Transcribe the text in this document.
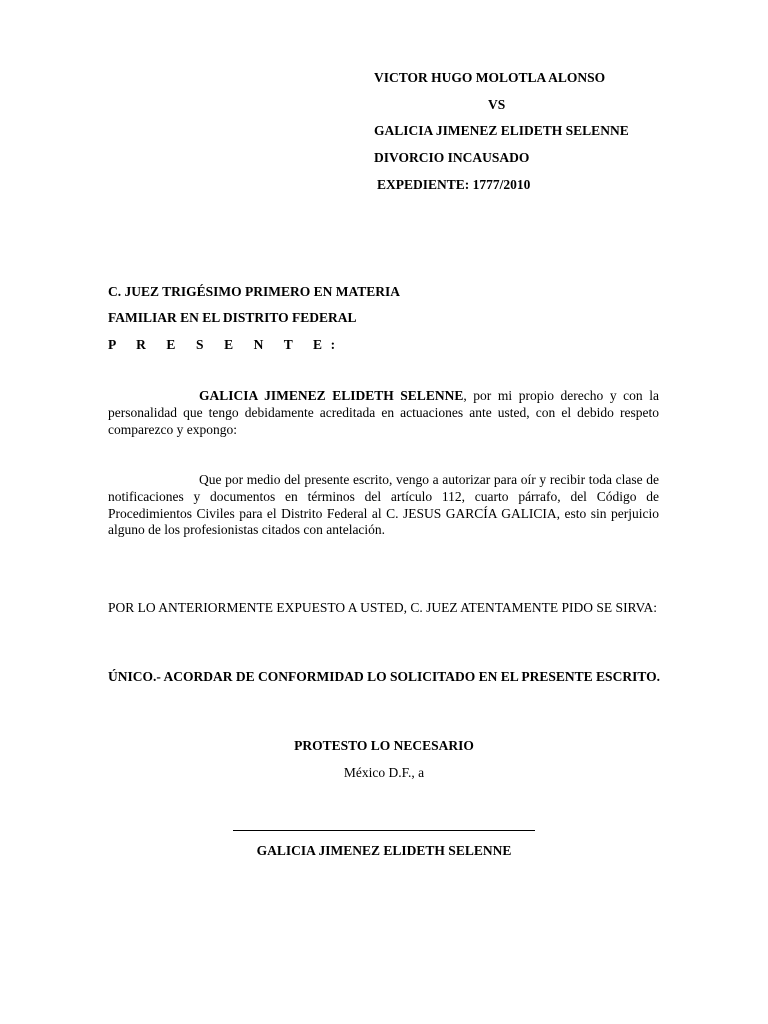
VICTOR HUGO MOLOTLA ALONSO

VS

GALICIA JIMENEZ ELIDETH SELENNE

DIVORCIO INCAUSADO

EXPEDIENTE: 1777/2010

C. JUEZ TRIGÉSIMO PRIMERO EN MATERIA

FAMILIAR EN EL DISTRITO FEDERAL

P R E S E N T E:

GALICIA JIMENEZ ELIDETH SELENNE, por mi propio derecho y con la personalidad que tengo debidamente acreditada en actuaciones ante usted, con el debido respeto comparezco y expongo:

Que por medio del presente escrito, vengo a autorizar para oír y recibir toda clase de notificaciones y documentos en términos del artículo 112, cuarto párrafo, del Código de Procedimientos Civiles para el Distrito Federal al C. JESUS GARCÍA GALICIA, esto sin perjuicio alguno de los profesionistas citados con antelación.

POR LO ANTERIORMENTE EXPUESTO A USTED, C. JUEZ ATENTAMENTE PIDO SE SIRVA:

ÚNICO.- ACORDAR DE CONFORMIDAD LO SOLICITADO EN EL PRESENTE ESCRITO.

PROTESTO LO NECESARIO

México D.F., a

GALICIA JIMENEZ ELIDETH SELENNE
